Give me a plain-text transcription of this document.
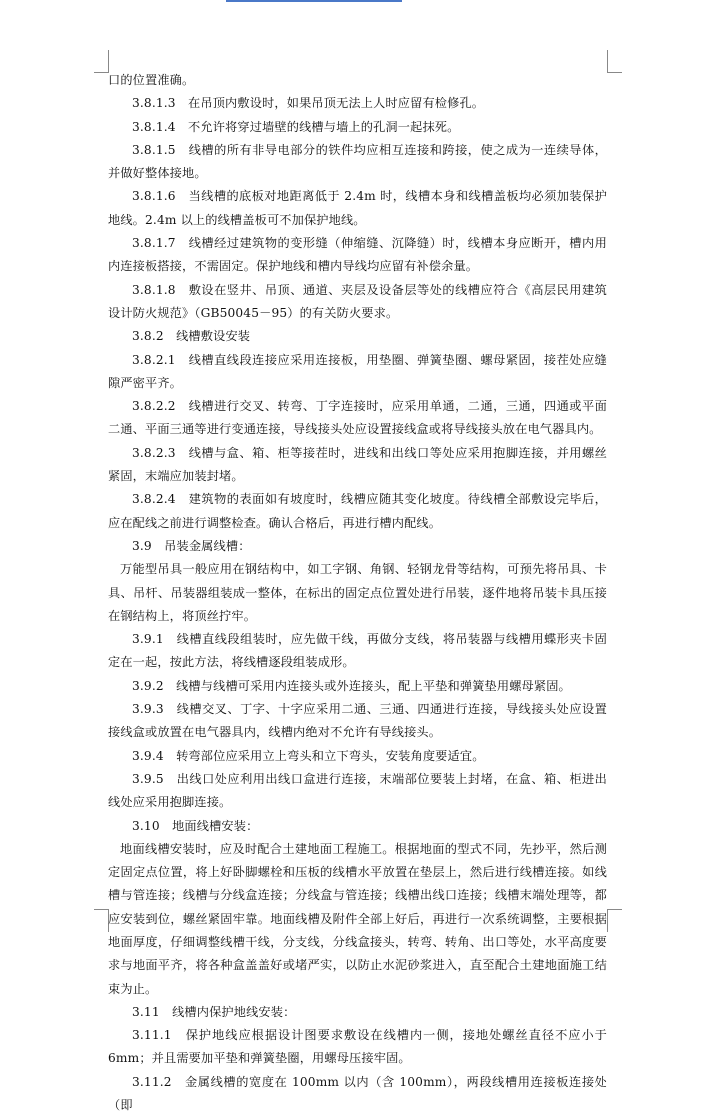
口的位置准确。

3.8.1.3　在吊顶内敷设时，如果吊顶无法上人时应留有检修孔。

3.8.1.4　不允许将穿过墙壁的线槽与墙上的孔洞一起抹死。

3.8.1.5　线槽的所有非导电部分的铁件均应相互连接和跨接，使之成为一连续导体，并做好整体接地。

3.8.1.6　当线槽的底板对地距离低于 2.4m 时，线槽本身和线槽盖板均必须加装保护地线。2.4m 以上的线槽盖板可不加保护地线。

3.8.1.7　线槽经过建筑物的变形缝（伸缩缝、沉降缝）时，线槽本身应断开，槽内用内连接板搭接，不需固定。保护地线和槽内导线均应留有补偿余量。

3.8.1.8　敷设在竖井、吊顶、通道、夹层及设备层等处的线槽应符合《高层民用建筑设计防火规范》（GB50045－95）的有关防火要求。

3.8.2　线槽敷设安装

3.8.2.1　线槽直线段连接应采用连接板，用垫圈、弹簧垫圈、螺母紧固，接茬处应缝隙严密平齐。

3.8.2.2　线槽进行交叉、转弯、丁字连接时，应采用单通，二通，三通，四通或平面二通、平面三通等进行变通连接，导线接头处应设置接线盒或将导线接头放在电气器具内。

3.8.2.3　线槽与盒、箱、柜等接茬时，进线和出线口等处应采用抱脚连接，并用螺丝紧固，末端应加装封堵。

3.8.2.4　建筑物的表面如有坡度时，线槽应随其变化坡度。待线槽全部敷设完毕后，应在配线之前进行调整检查。确认合格后，再进行槽内配线。

3.9　吊装金属线槽：

万能型吊具一般应用在钢结构中，如工字钢、角钢、轻钢龙骨等结构，可预先将吊具、卡具、吊杆、吊装器组装成一整体，在标出的固定点位置处进行吊装，逐件地将吊装卡具压接在钢结构上，将顶丝拧牢。

3.9.1　线槽直线段组装时，应先做干线，再做分支线，将吊装器与线槽用蝶形夹卡固定在一起，按此方法，将线槽逐段组装成形。

3.9.2　线槽与线槽可采用内连接头或外连接头，配上平垫和弹簧垫用螺母紧固。

3.9.3　线槽交叉、丁字、十字应采用二通、三通、四通进行连接，导线接头处应设置接线盒或放置在电气器具内，线槽内绝对不允许有导线接头。

3.9.4　转弯部位应采用立上弯头和立下弯头，安装角度要适宜。

3.9.5　出线口处应利用出线口盒进行连接，末端部位要装上封堵，在盒、箱、柜进出线处应采用抱脚连接。

3.10　地面线槽安装：

地面线槽安装时，应及时配合土建地面工程施工。根据地面的型式不同，先抄平，然后测定固定点位置，将上好卧脚螺栓和压板的线槽水平放置在垫层上，然后进行线槽连接。如线槽与管连接；线槽与分线盒连接；分线盒与管连接；线槽出线口连接；线槽末端处理等，都应安装到位，螺丝紧固牢靠。地面线槽及附件全部上好后，再进行一次系统调整，主要根据地面厚度，仔细调整线槽干线，分支线，分线盒接头，转弯、转角、出口等处，水平高度要求与地面平齐，将各种盒盖盖好或堵严实，以防止水泥砂浆进入，直至配合土建地面施工结束为止。

3.11　线槽内保护地线安装：

3.11.1　保护地线应根据设计图要求敷设在线槽内一侧，接地处螺丝直径不应小于 6mm；并且需要加平垫和弹簧垫圈，用螺母压接牢固。

3.11.2　金属线槽的宽度在 100mm 以内（含 100mm），两段线槽用连接板连接处（即
